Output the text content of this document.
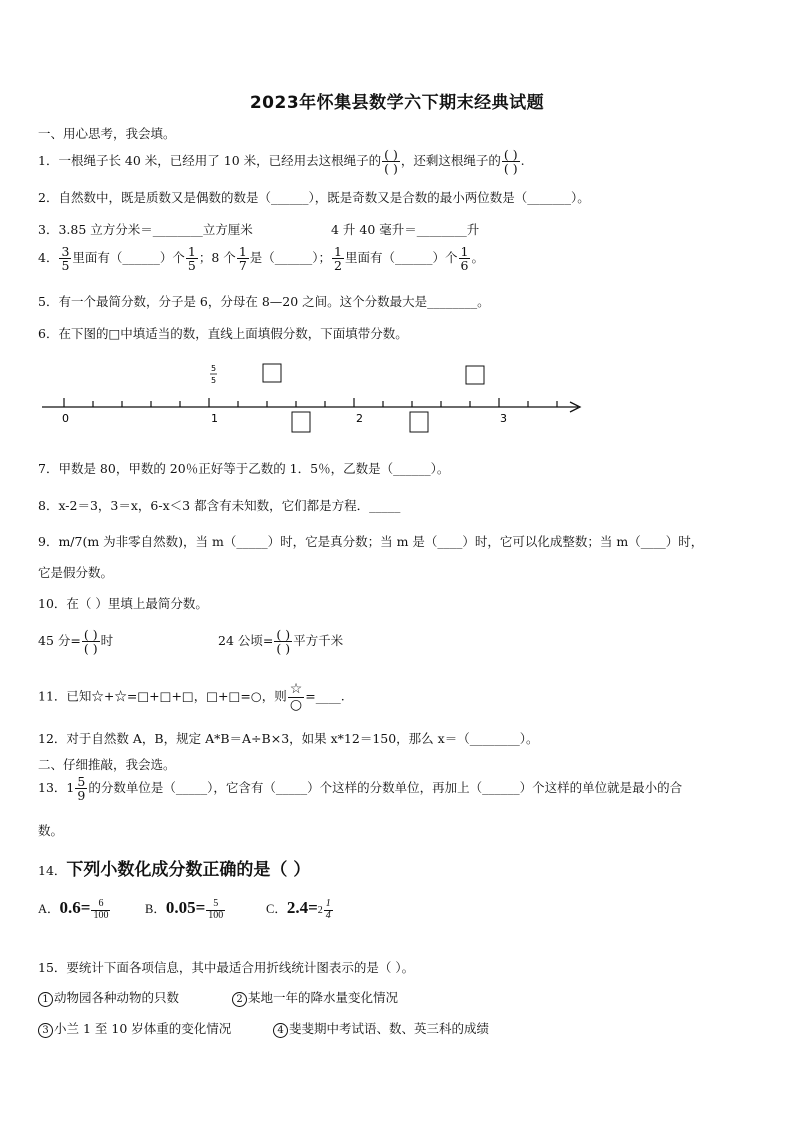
2023年怀集县数学六下期末经典试题
一、用心思考，我会填。
1．一根绳子长 40 米，已经用了 10 米，已经用去这根绳子的 $\frac{( )}{( )}$ ，还剩这根绳子的 $\frac{( )}{( )}$ .
2．自然数中，既是质数又是偶数的数是（______），既是奇数又是合数的最小两位数是（_______）。
3．3.85 立方分米＝________立方厘米	4 升 40 毫升＝________升
4． $\frac{3}{5}$ 里面有（______）个 $\frac{1}{5}$ ；8 个 $\frac{1}{7}$ 是（______）； $\frac{1}{2}$ 里面有（______）个 $\frac{1}{6}$ 。
5．有一个最简分数，分子是 6，分母在 8—20 之间。这个分数最大是________。
6．在下图的□中填适当的数，直线上面填假分数，下面填带分数。
0	1	2	3
5
5
7．甲数是 80，甲数的 20％正好等于乙数的 1．5％，乙数是（______）。
8．x-2＝3，3＝x，6-x＜3 都含有未知数，它们都是方程．_____
9．m/7(m 为非零自然数)，当 m（_____）时，它是真分数；当 m 是（____）时，它可以化成整数；当 m（____）时，
它是假分数。
10．在（ ）里填上最简分数。
45 分= $\frac{( )}{( )}$ 时	24 公顷= $\frac{( )}{( )}$ 平方千米
11．已知☆+☆=□+□+□，□+□=○，则 $\frac{☆}{○}$ =____.
12．对于自然数 A，B，规定 A*B＝A÷B×3，如果 x*12＝150，那么 x＝（________）。
二、仔细推敲，我会选。
13．$1 \frac{5}{9}$ 的分数单位是（_____），它含有（_____）个这样的分数单位，再加上（______）个这样的单位就是最小的合
数。
14．下列小数化成分数正确的是（ ）
A．$0.6= \frac{6}{100}$	B．$0.05= \frac{5}{100}$	C．$2.4=2 \frac{1}{4}$
15．要统计下面各项信息，其中最适合用折线统计图表示的是（ ）。
1 动物园各种动物的只数	2 某地一年的降水量变化情况
3 小兰 1 至 10 岁体重的变化情况	4 斐斐期中考试语、数、英三科的成绩
